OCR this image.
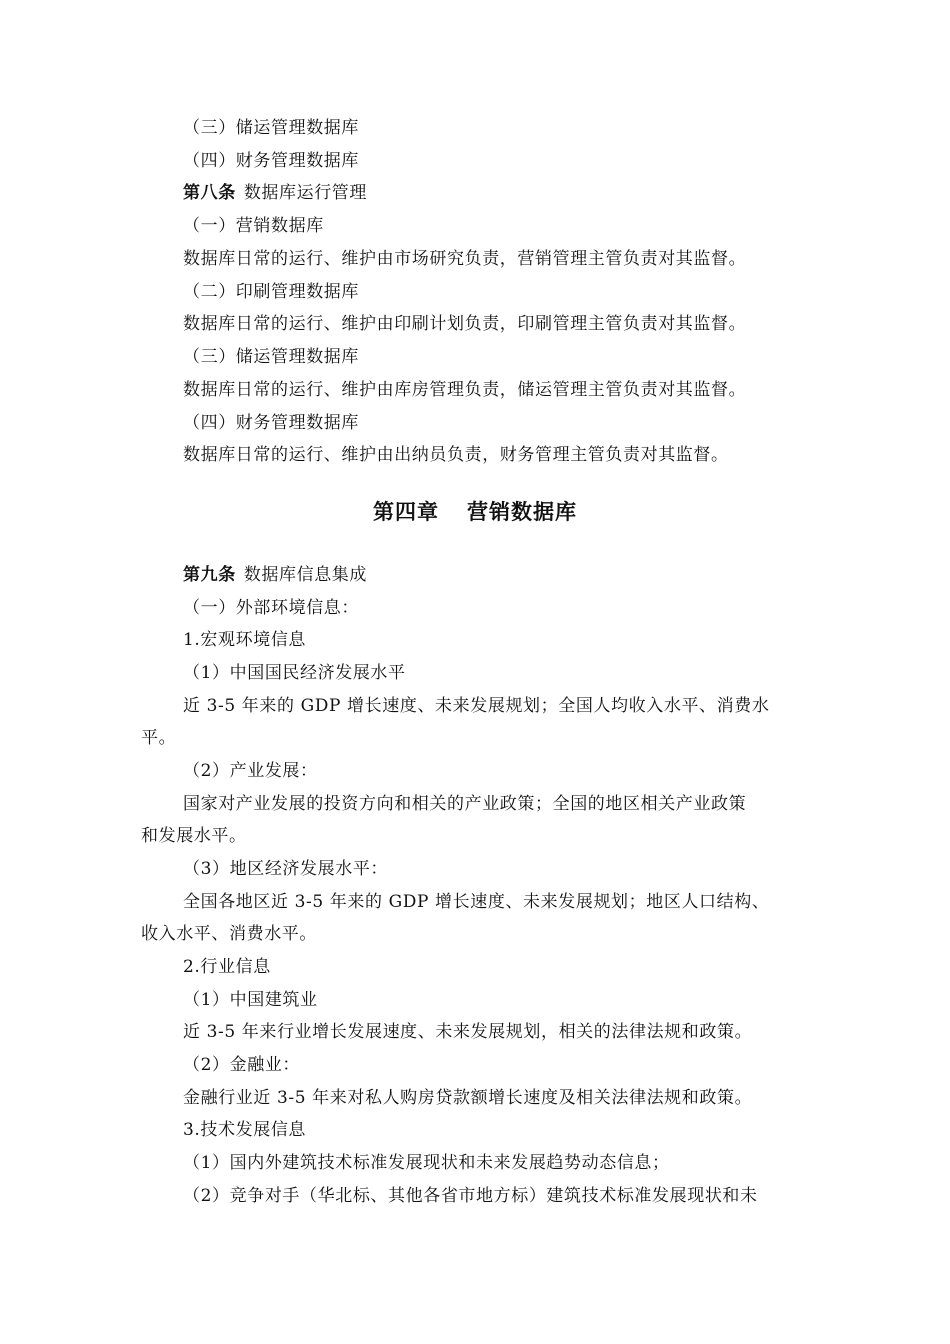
（三）储运管理数据库
（四）财务管理数据库
第八条 数据库运行管理
（一）营销数据库
数据库日常的运行、维护由市场研究负责，营销管理主管负责对其监督。
（二）印刷管理数据库
数据库日常的运行、维护由印刷计划负责，印刷管理主管负责对其监督。
（三）储运管理数据库
数据库日常的运行、维护由库房管理负责，储运管理主管负责对其监督。
（四）财务管理数据库
数据库日常的运行、维护由出纳员负责，财务管理主管负责对其监督。
第四章 营销数据库
第九条 数据库信息集成
（一）外部环境信息：
1.宏观环境信息
（1）中国国民经济发展水平
近 3-5 年来的 GDP 增长速度、未来发展规划；全国人均收入水平、消费水
平。
（2）产业发展：
国家对产业发展的投资方向和相关的产业政策；全国的地区相关产业政策
和发展水平。
（3）地区经济发展水平：
全国各地区近 3-5 年来的 GDP 增长速度、未来发展规划；地区人口结构、
收入水平、消费水平。
2.行业信息
（1）中国建筑业
近 3-5 年来行业增长发展速度、未来发展规划，相关的法律法规和政策。
（2）金融业：
金融行业近 3-5 年来对私人购房贷款额增长速度及相关法律法规和政策。
3.技术发展信息
（1）国内外建筑技术标准发展现状和未来发展趋势动态信息；
（2）竞争对手（华北标、其他各省市地方标）建筑技术标准发展现状和未
